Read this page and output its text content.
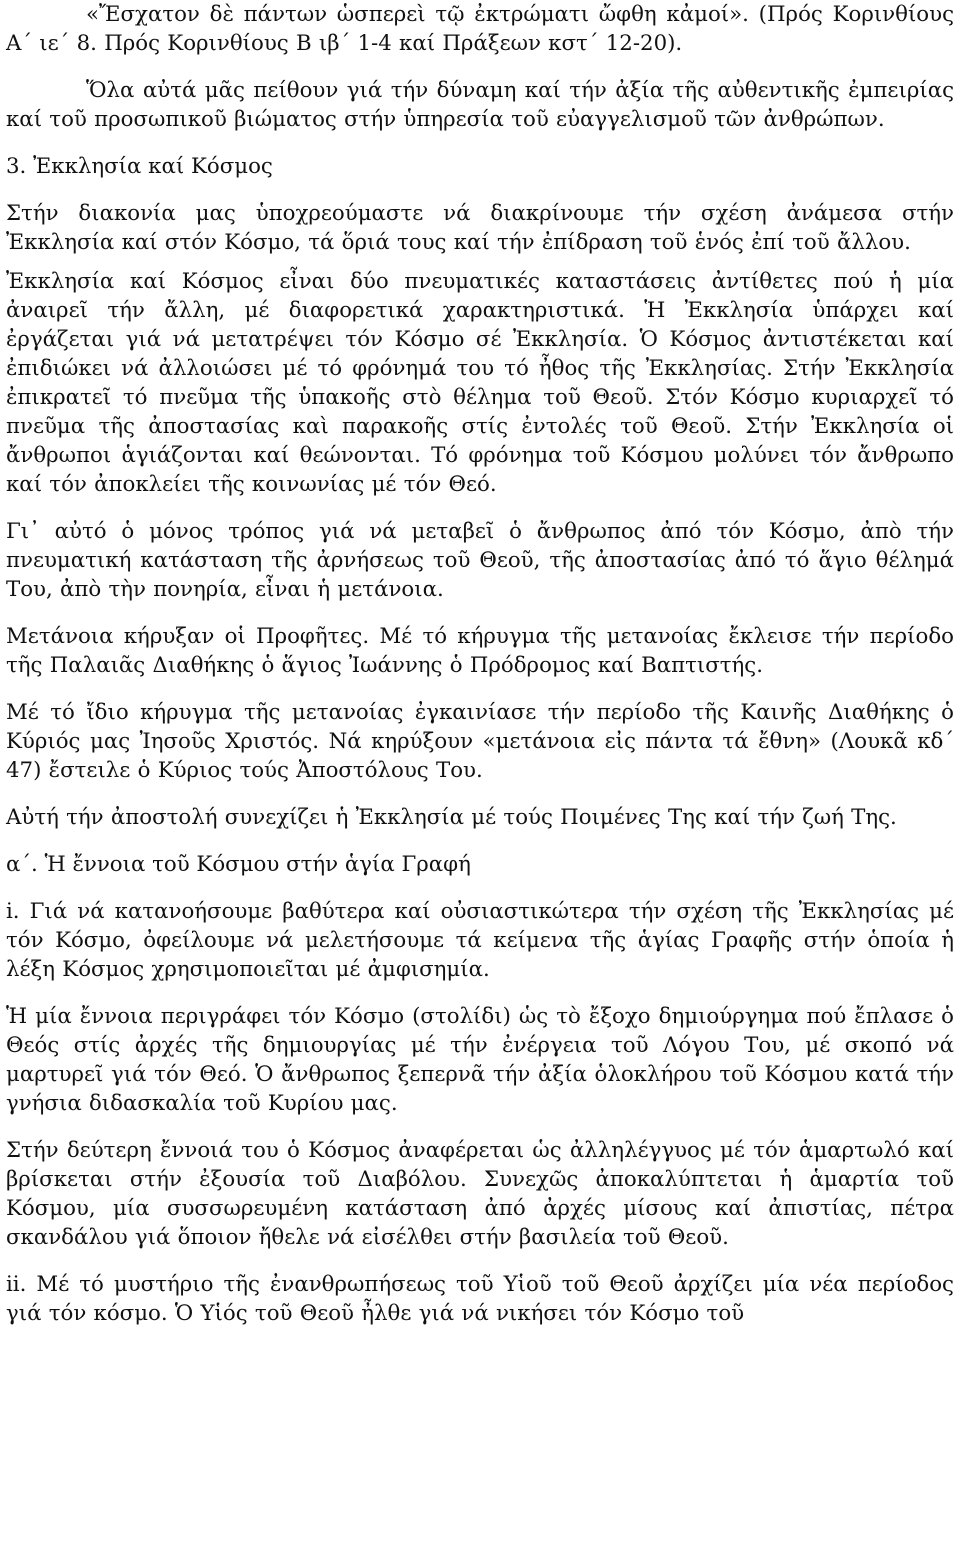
«Ἔσχατον δὲ πάντων ὡσπερεὶ τῷ ἐκτρώματι ὤφθη κἀμοί». (Πρός Κορινθίους Α΄ ιε΄ 8. Πρός Κορινθίους Β ιβ΄ 1-4 καί Πράξεων κστ΄ 12-20).

Ὅλα αὐτά μᾶς πείθουν γιά τήν δύναμη καί τήν ἀξία τῆς αὐθεντικῆς ἐμπειρίας καί τοῦ προσωπικοῦ βιώματος στήν ὑπηρεσία τοῦ εὐαγγελισμοῦ τῶν ἀνθρώπων.

3. Ἐκκλησία καί Κόσμος

Στήν διακονία μας ὑποχρεούμαστε νά διακρίνουμε τήν σχέση ἀνάμεσα στήν Ἐκκλησία καί στόν Κόσμο, τά ὅριά τους καί τήν ἐπίδραση τοῦ ἑνός ἐπί τοῦ ἄλλου.

Ἐκκλησία καί Κόσμος εἶναι δύο πνευματικές καταστάσεις ἀντίθετες πού ἡ μία ἀναιρεῖ τήν ἄλλη, μέ διαφορετικά χαρακτηριστικά. Ἡ Ἐκκλησία ὑπάρχει καί ἐργάζεται γιά νά μετατρέψει τόν Κόσμο σέ Ἐκκλησία. Ὁ Κόσμος ἀντιστέκεται καί ἐπιδιώκει νά ἀλλοιώσει μέ τό φρόνημά του τό ἦθος τῆς Ἐκκλησίας. Στήν Ἐκκλησία ἐπικρατεῖ τό πνεῦμα τῆς ὑπακοῆς στὸ θέλημα τοῦ Θεοῦ. Στόν Κόσμο κυριαρχεῖ τό πνεῦμα τῆς ἀποστασίας καὶ παρακοῆς στίς ἐντολές τοῦ Θεοῦ. Στήν Ἐκκλησία οἱ ἄνθρωποι ἁγιάζονται καί θεώνονται. Τό φρόνημα τοῦ Κόσμου μολύνει τόν ἄνθρωπο καί τόν ἀποκλείει τῆς κοινωνίας μέ τόν Θεό.

Γι᾽ αὐτό ὁ μόνος τρόπος γιά νά μεταβεῖ ὁ ἄνθρωπος ἀπό τόν Κόσμο, ἀπὸ τήν πνευματική κατάσταση τῆς ἀρνήσεως τοῦ Θεοῦ, τῆς ἀποστασίας ἀπό τό ἅγιο θέλημά Του, ἀπὸ τὴν πονηρία, εἶναι ἡ μετάνοια.

Μετάνοια κήρυξαν οἱ Προφῆτες. Μέ τό κήρυγμα τῆς μετανοίας ἔκλεισε τήν περίοδο τῆς Παλαιᾶς Διαθήκης ὁ ἅγιος Ἰωάννης ὁ Πρόδρομος καί Βαπτιστής.

Μέ τό ἴδιο κήρυγμα τῆς μετανοίας ἐγκαινίασε τήν περίοδο τῆς Καινῆς Διαθήκης ὁ Κύριός μας Ἰησοῦς Χριστός. Νά κηρύξουν «μετάνοια εἰς πάντα τά ἔθνη» (Λουκᾶ κδ΄ 47) ἔστειλε ὁ Κύριος τούς Ἀποστόλους Του.

Αὐτή τήν ἀποστολή συνεχίζει ἡ Ἐκκλησία μέ τούς Ποιμένες Της καί τήν ζωή Της.

α΄. Ἡ ἔννοια τοῦ Κόσμου στήν ἁγία Γραφή

i. Γιά νά κατανοήσουμε βαθύτερα καί οὐσιαστικώτερα τήν σχέση τῆς Ἐκκλησίας μέ τόν Κόσμο, ὀφείλουμε νά μελετήσουμε τά κείμενα τῆς ἁγίας Γραφῆς στήν ὁποία ἡ λέξη Κόσμος χρησιμοποιεῖται μέ ἀμφισημία.

Ἡ μία ἔννοια περιγράφει τόν Κόσμο (στολίδι) ὡς τὸ ἔξοχο δημιούργημα πού ἔπλασε ὁ Θεός στίς ἀρχές τῆς δημιουργίας μέ τήν ἐνέργεια τοῦ Λόγου Του, μέ σκοπό νά μαρτυρεῖ γιά τόν Θεό. Ὁ ἄνθρωπος ξεπερνᾶ τήν ἀξία ὁλοκλήρου τοῦ Κόσμου κατά τήν γνήσια διδασκαλία τοῦ Κυρίου μας.

Στήν δεύτερη ἔννοιά του ὁ Κόσμος ἀναφέρεται ὡς ἀλληλέγγυος μέ τόν ἁμαρτωλό καί βρίσκεται στήν ἐξουσία τοῦ Διαβόλου. Συνεχῶς ἀποκαλύπτεται ἡ ἁμαρτία τοῦ Κόσμου, μία συσσωρευμένη κατάσταση ἀπό ἀρχές μίσους καί ἀπιστίας, πέτρα σκανδάλου γιά ὅποιον ἤθελε νά εἰσέλθει στήν βασιλεία τοῦ Θεοῦ.

ii. Μέ τό μυστήριο τῆς ἐνανθρωπήσεως τοῦ Υἱοῦ τοῦ Θεοῦ ἀρχίζει μία νέα περίοδος γιά τόν κόσμο. Ὁ Υἱός τοῦ Θεοῦ ἦλθε γιά νά νικήσει τόν Κόσμο τοῦ
